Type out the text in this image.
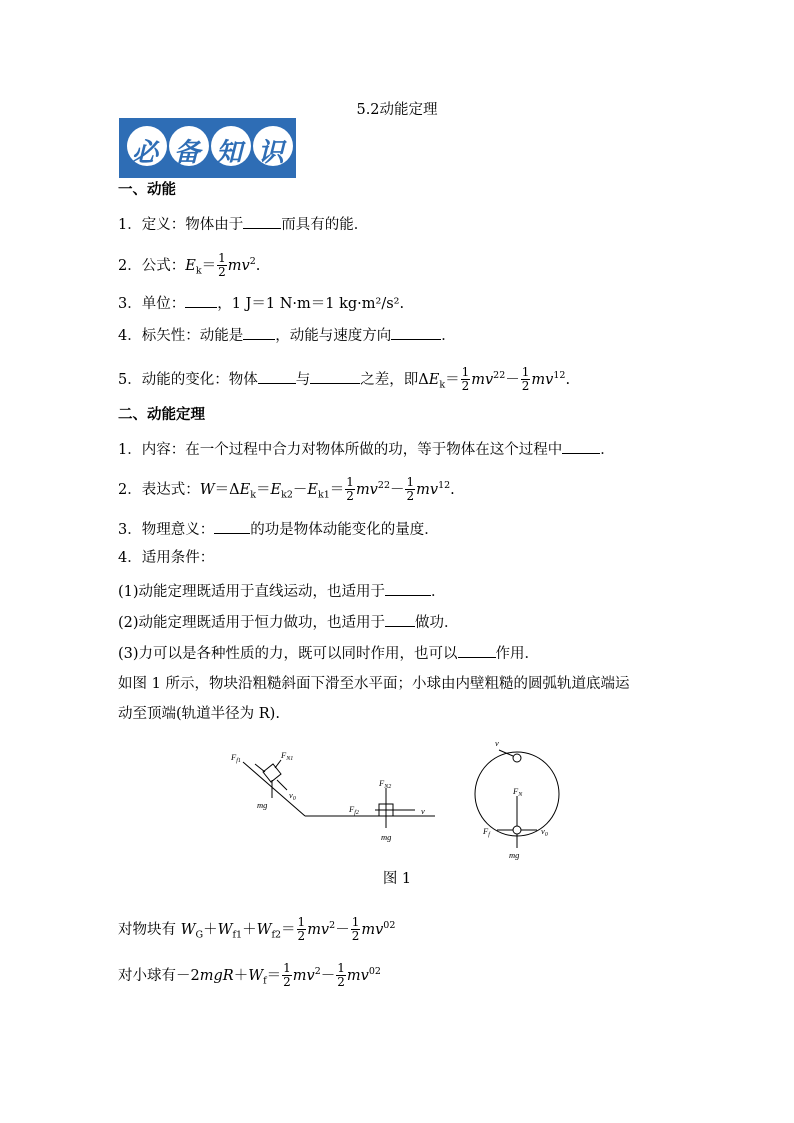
5.2动能定理
必 备 知 识
一、动能
1．定义：物体由于	而具有的能．
2．公式：$E_k= \frac{1}{2} mv^2$.
3．单位： ，1 J＝1 N·m＝1 kg·m²/s².
4．标矢性：动能是 ，动能与速度方向	．
5．动能的变化：物体	与	之差，即$\Delta E_k= \frac{1}{2} mv^{22}- \frac{1}{2} mv^{12}$.
二、动能定理
1．内容：在一个过程中合力对物体所做的功，等于物体在这个过程中	．
2．表达式：$W=\Delta E_k=E_{k2}-E_{k1}= \frac{1}{2} mv^{22}- \frac{1}{2} mv^{12}$.
3．物理意义： 的功是物体动能变化的量度．
4．适用条件：
(1)动能定理既适用于直线运动，也适用于	．
(2)动能定理既适用于恒力做功，也适用于 做功．
(3)力可以是各种性质的力，既可以同时作用，也可以	作用．
如图 1 所示，物块沿粗糙斜面下滑至水平面；小球由内壁粗糙的圆弧轨道底端运
动至顶端(轨道半径为 R).
$F_{f1}$
$F_{N1}$
mg
$v_0$
$F_{N2}$
$F_{f2}$	v
mg
v
$F_N$
$F_f$	$v_0$
mg
图 1
对物块有 $W_G+W_{f1}+W_{f2}= \frac{1}{2} mv^2- \frac{1}{2} mv^{02}$
对小球有$-2mgR+W_f= \frac{1}{2} mv^2- \frac{1}{2} mv^{02}$
